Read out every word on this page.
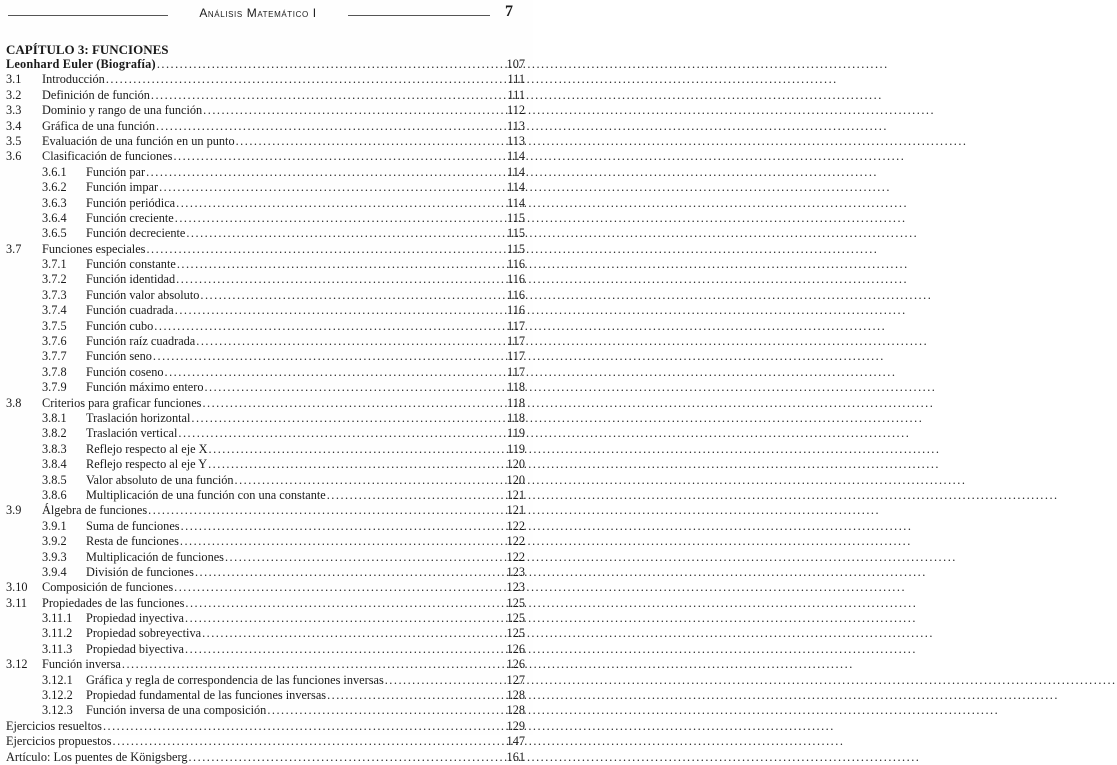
Análisis Matemático I	7
CAPÍTULO 3: FUNCIONES
Leonhard Euler (Biografía) .....	107
3.1 Introducción .....	111
3.2 Definición de función .....	111
3.3 Dominio y rango de una función .....	112
3.4 Gráfica de una función .....	113
3.5 Evaluación de una función en un punto .....	113
3.6 Clasificación de funciones .....	114
3.6.1 Función par .....	114
3.6.2 Función impar .....	114
3.6.3 Función periódica .....	114
3.6.4 Función creciente .....	115
3.6.5 Función decreciente .....	115
3.7 Funciones especiales .....	115
3.7.1 Función constante .....	116
3.7.2 Función identidad .....	116
3.7.3 Función valor absoluto .....	116
3.7.4 Función cuadrada .....	116
3.7.5 Función cubo .....	117
3.7.6 Función raíz cuadrada .....	117
3.7.7 Función seno .....	117
3.7.8 Función coseno .....	117
3.7.9 Función máximo entero .....	118
3.8 Criterios para graficar funciones .....	118
3.8.1 Traslación horizontal .....	118
3.8.2 Traslación vertical .....	119
3.8.3 Reflejo respecto al eje X .....	119
3.8.4 Reflejo respecto al eje Y .....	120
3.8.5 Valor absoluto de una función .....	120
3.8.6 Multiplicación de una función con una constante .....	121
3.9 Álgebra de funciones .....	121
3.9.1 Suma de funciones .....	122
3.9.2 Resta de funciones .....	122
3.9.3 Multiplicación de funciones .....	122
3.9.4 División de funciones .....	123
3.10 Composición de funciones .....	123
3.11 Propiedades de las funciones .....	125
3.11.1 Propiedad inyectiva .....	125
3.11.2 Propiedad sobreyectiva .....	125
3.11.3 Propiedad biyectiva .....	126
3.12 Función inversa .....	126
3.12.1 Gráfica y regla de correspondencia de las funciones inversas .....	127
3.12.2 Propiedad fundamental de las funciones inversas .....	128
3.12.3 Función inversa de una composición .....	128
Ejercicios resueltos .....	129
Ejercicios propuestos .....	147
Artículo: Los puentes de Königsberg .....	161
